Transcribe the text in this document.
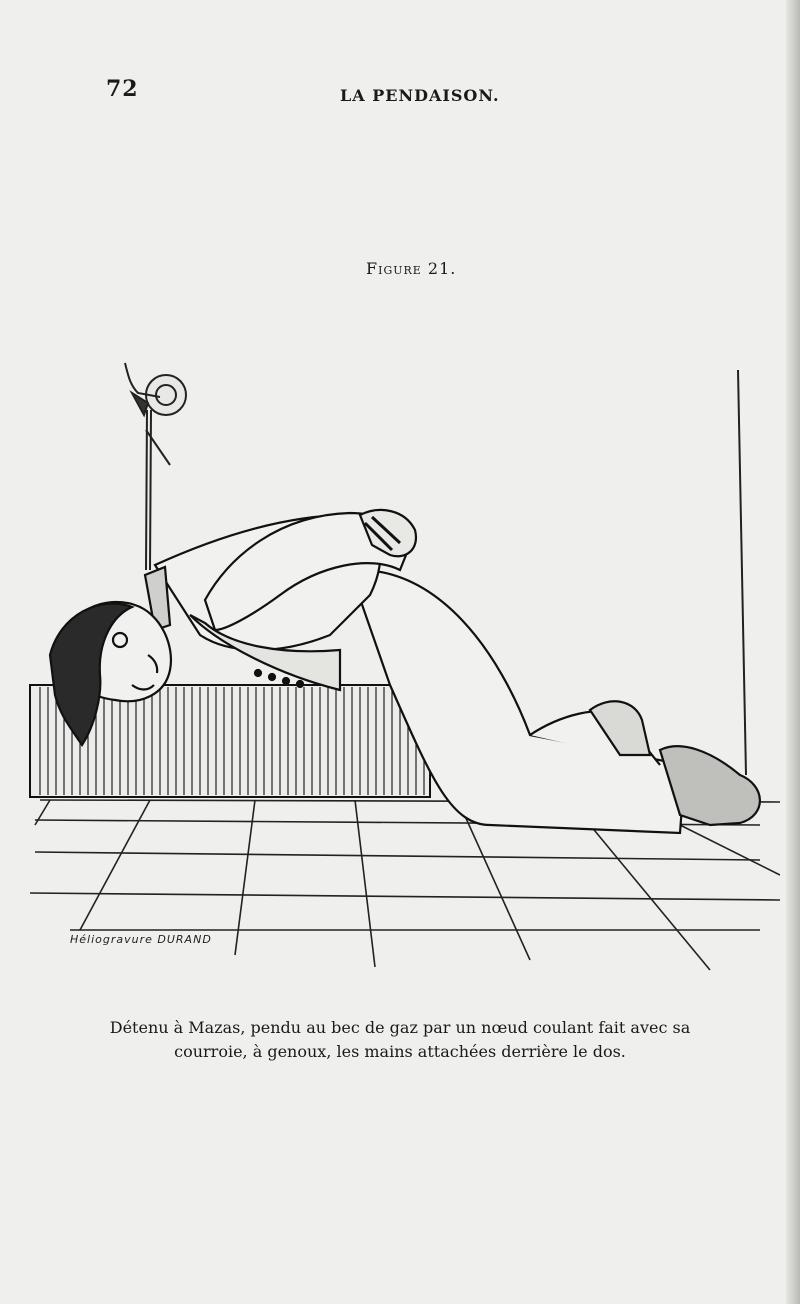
72	LA PENDAISON.
Figure 21.
Héliogravure DURAND
Détenu à Mazas, pendu au bec de gaz par un nœud coulant fait avec sa
courroie, à genoux, les mains attachées derrière le dos.
